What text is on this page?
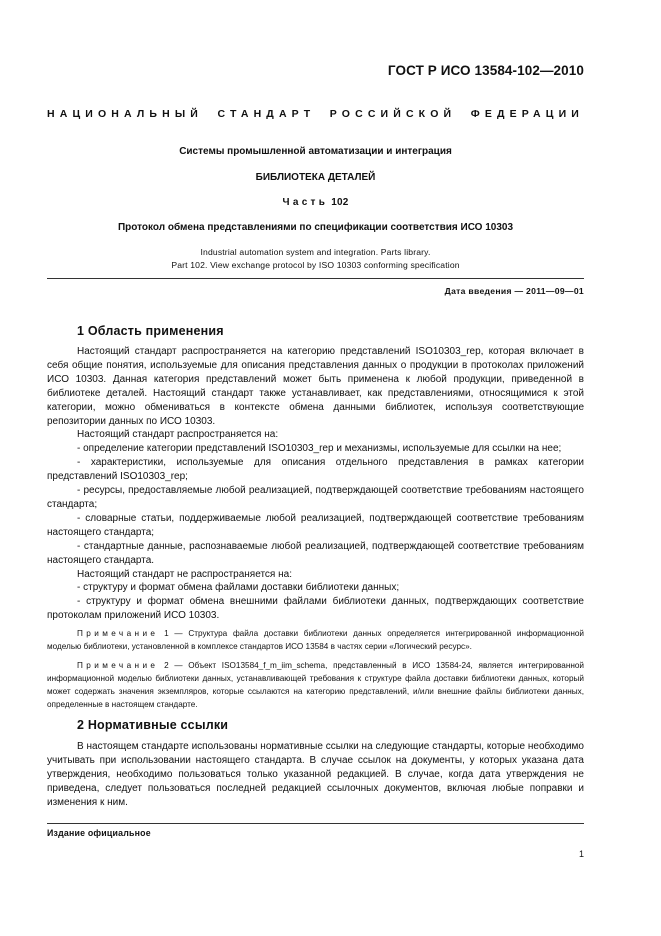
ГОСТ Р ИСО 13584-102—2010
НАЦИОНАЛЬНЫЙ СТАНДАРТ РОССИЙСКОЙ ФЕДЕРАЦИИ
Системы промышленной автоматизации и интеграция
БИБЛИОТЕКА ДЕТАЛЕЙ
Часть 102
Протокол обмена представлениями по спецификации соответствия ИСО 10303
Industrial automation system and integration. Parts library.
Part 102. View exchange protocol by ISO 10303 conforming specification
Дата введения — 2011—09—01
1 Область применения

Настоящий стандарт распространяется на категорию представлений ISO10303_rep, которая включает в себя общие понятия, используемые для описания представления данных о продукции в протоколах приложений ИСО 10303. Данная категория представлений может быть применена к любой продукции, приведенной в библиотеке деталей. Настоящий стандарт также устанавливает, как представлениями, относящимися к этой категории, можно обмениваться в контексте обмена данными библиотек, используя соответствующие репозитории данных по ИСО 10303.

Настоящий стандарт распространяется на:

- определение категории представлений ISO10303_rep и механизмы, используемые для ссылки на нее;

- характеристики, используемые для описания отдельного представления в рамках категории представлений ISO10303_rep;

- ресурсы, предоставляемые любой реализацией, подтверждающей соответствие требованиям настоящего стандарта;

- словарные статьи, поддерживаемые любой реализацией, подтверждающей соответствие требованиям настоящего стандарта;

- стандартные данные, распознаваемые любой реализацией, подтверждающей соответствие требованиям настоящего стандарта.

Настоящий стандарт не распространяется на:

- структуру и формат обмена файлами доставки библиотеки данных;

- структуру и формат обмена внешними файлами библиотеки данных, подтверждающих соответствие протоколам приложений ИСО 10303.

Примечание 1 — Структура файла доставки библиотеки данных определяется интегрированной информационной моделью библиотеки, установленной в комплексе стандартов ИСО 13584 в частях серии «Логический ресурс».

Примечание 2 — Объект ISO13584_f_m_iim_schema, представленный в ИСО 13584-24, является интегрированной информационной моделью библиотеки данных, устанавливающей требования к структуре файла доставки библиотеки данных, который может содержать значения экземпляров, которые ссылаются на категорию представлений, и/или внешние файлы библиотеки данных, определенные в настоящем стандарте.

2 Нормативные ссылки

В настоящем стандарте использованы нормативные ссылки на следующие стандарты, которые необходимо учитывать при использовании настоящего стандарта. В случае ссылок на документы, у которых указана дата утверждения, необходимо пользоваться только указанной редакцией. В случае, когда дата утверждения не приведена, следует пользоваться последней редакцией ссылочных документов, включая любые поправки и изменения к ним.

Издание официальное
1
